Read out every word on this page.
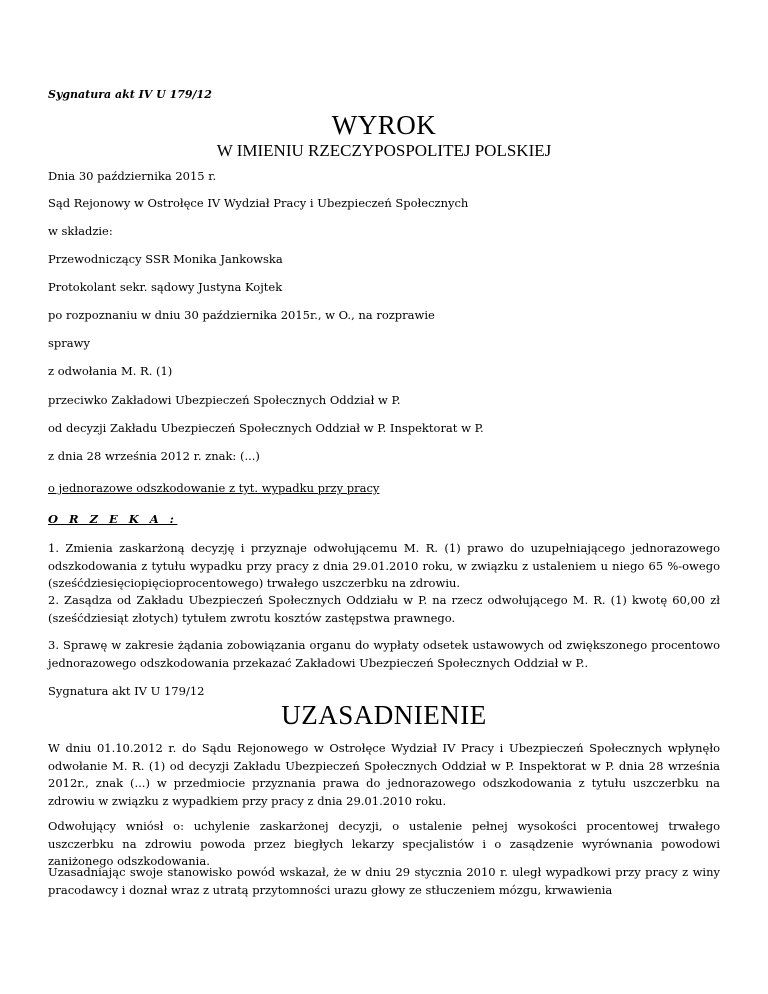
Sygnatura akt IV U 179/12
WYROK
W IMIENIU RZECZYPOSPOLITEJ POLSKIEJ
Dnia 30 października 2015 r.
Sąd Rejonowy w Ostrołęce IV Wydział Pracy i Ubezpieczeń Społecznych
w składzie:
Przewodniczący SSR Monika Jankowska
Protokolant sekr. sądowy Justyna Kojtek
po rozpoznaniu w dniu 30 października 2015r., w O., na rozprawie
sprawy
z odwołania M. R. (1)
przeciwko Zakładowi Ubezpieczeń Społecznych Oddział w P.
od decyzji Zakładu Ubezpieczeń Społecznych Oddział w P. Inspektorat w P.
z dnia 28 września 2012 r. znak: (...)
o jednorazowe odszkodowanie z tyt. wypadku przy pracy
O R Z E K A :
1. Zmienia zaskarżoną decyzję i przyznaje odwołującemu M. R. (1) prawo do uzupełniającego jednorazowego odszkodowania z tytułu wypadku przy pracy z dnia 29.01.2010 roku, w związku z ustaleniem u niego 65 %-owego (sześćdziesięciopięcioprocentowego) trwałego uszczerbku na zdrowiu.
2. Zasądza od Zakładu Ubezpieczeń Społecznych Oddziału w P. na rzecz odwołującego M. R. (1) kwotę 60,00 zł (sześćdziesiąt złotych) tytułem zwrotu kosztów zastępstwa prawnego.
3. Sprawę w zakresie żądania zobowiązania organu do wypłaty odsetek ustawowych od zwiększonego procentowo jednorazowego odszkodowania przekazać Zakładowi Ubezpieczeń Społecznych Oddział w P..
Sygnatura akt IV U 179/12
UZASADNIENIE
W dniu 01.10.2012 r. do Sądu Rejonowego w Ostrołęce Wydział IV Pracy i Ubezpieczeń Społecznych wpłynęło odwołanie M. R. (1) od decyzji Zakładu Ubezpieczeń Społecznych Oddział w P. Inspektorat w P. dnia 28 września 2012r., znak (...) w przedmiocie przyznania prawa do jednorazowego odszkodowania z tytułu uszczerbku na zdrowiu w związku z wypadkiem przy pracy z dnia 29.01.2010 roku.
Odwołujący wniósł o: uchylenie zaskarżonej decyzji, o ustalenie pełnej wysokości procentowej trwałego uszczerbku na zdrowiu powoda przez biegłych lekarzy specjalistów i o zasądzenie wyrównania powodowi zaniżonego odszkodowania.
Uzasadniając swoje stanowisko powód wskazał, że w dniu 29 stycznia 2010 r. uległ wypadkowi przy pracy z winy pracodawcy i doznał wraz z utratą przytomności urazu głowy ze stłuczeniem mózgu, krwawienia
